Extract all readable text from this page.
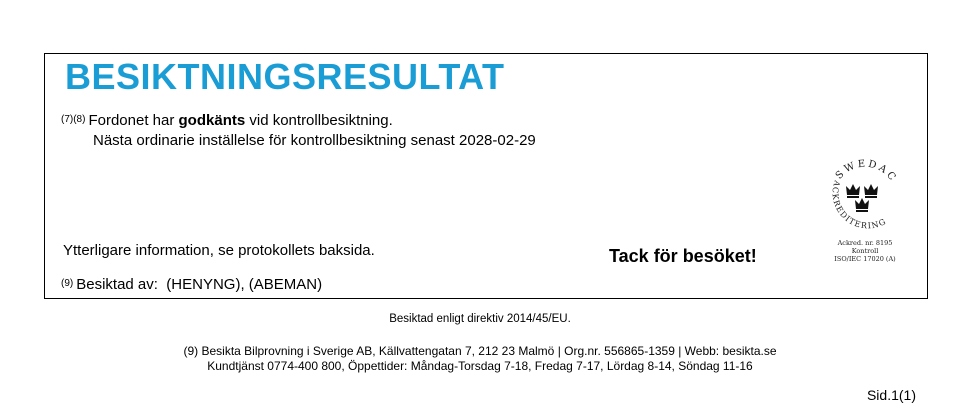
BESIKTNINGSRESULTAT
$^{(7)(8)}$ Fordonet har godkänts vid kontrollbesiktning.
Nästa ordinarie inställelse för kontrollbesiktning senast 2028-02-29
Ytterligare information, se protokollets baksida.
$^{(9)}$ Besiktad av: (HENYNG), (ABEMAN)
Tack för besöket!
SWEDAC
ACKREDITERING
Ackred. nr. 8195
Kontroll
ISO/IEC 17020 (A)
Besiktad enligt direktiv 2014/45/EU.
(9) Besikta Bilprovning i Sverige AB, Källvattengatan 7, 212 23 Malmö | Org.nr. 556865-1359 | Webb: besikta.se
Kundtjänst 0774-400 800, Öppettider: Måndag-Torsdag 7-18, Fredag 7-17, Lördag 8-14, Söndag 11-16
Sid.1(1)
